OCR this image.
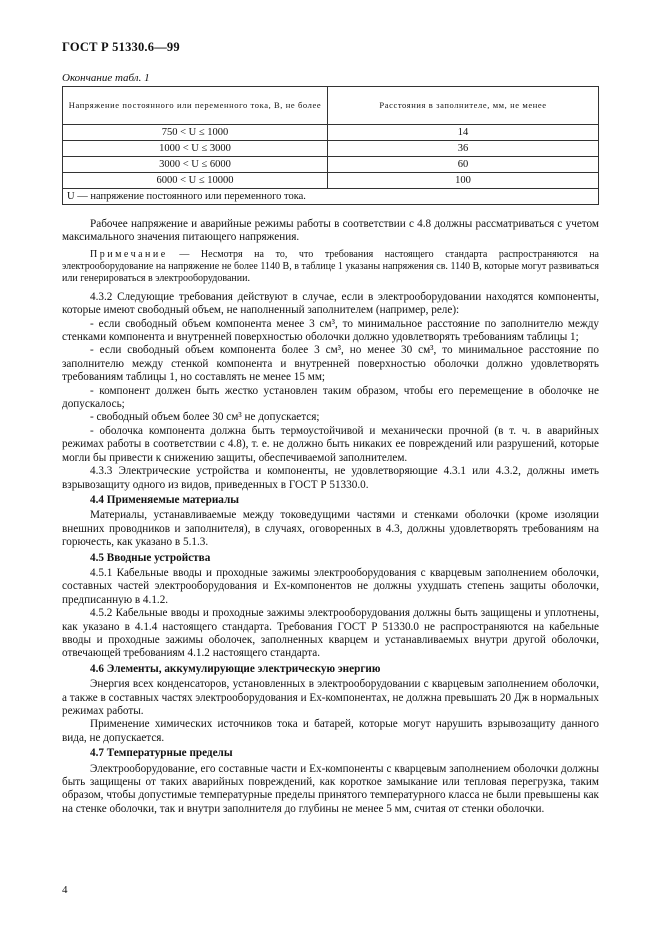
ГОСТ Р 51330.6—99
Окончание табл. 1
Напряжение постоянного или переменного тока, В, не более	Расстояния в заполнителе, мм, не менее
750 < U ≤ 1000	14
1000 < U ≤ 3000	36
3000 < U ≤ 6000	60
6000 < U ≤ 10000	100
U — напряжение постоянного или переменного тока.	

Рабочее напряжение и аварийные режимы работы в соответствии с 4.8 должны рассматриваться с учетом максимального значения питающего напряжения.

Примечание — Несмотря на то, что требования настоящего стандарта распространяются на электрооборудование на напряжение не более 1140 В, в таблице 1 указаны напряжения св. 1140 В, которые могут развиваться или генерироваться в электрооборудовании.

4.3.2 Следующие требования действуют в случае, если в электрооборудовании находятся компоненты, которые имеют свободный объем, не наполненный заполнителем (например, реле):

- если свободный объем компонента менее 3 см³, то минимальное расстояние по заполнителю между стенками компонента и внутренней поверхностью оболочки должно удовлетворять требованиям таблицы 1;

- если свободный объем компонента более 3 см³, но менее 30 см³, то минимальное расстояние по заполнителю между стенкой компонента и внутренней поверхностью оболочки должно удовлетворять требованиям таблицы 1, но составлять не менее 15 мм;

- компонент должен быть жестко установлен таким образом, чтобы его перемещение в оболочке не допускалось;

- свободный объем более 30 см³ не допускается;

- оболочка компонента должна быть термоустойчивой и механически прочной (в т. ч. в аварийных режимах работы в соответствии с 4.8), т. е. не должно быть никаких ее повреждений или разрушений, которые могли бы привести к снижению защиты, обеспечиваемой заполнителем.

4.3.3 Электрические устройства и компоненты, не удовлетворяющие 4.3.1 или 4.3.2, должны иметь взрывозащиту одного из видов, приведенных в ГОСТ Р 51330.0.

4.4 Применяемые материалы

Материалы, устанавливаемые между токоведущими частями и стенками оболочки (кроме изоляции внешних проводников и заполнителя), в случаях, оговоренных в 4.3, должны удовлетворять требованиям на горючесть, как указано в 5.1.3.

4.5 Вводные устройства

4.5.1 Кабельные вводы и проходные зажимы электрооборудования с кварцевым заполнением оболочки, составных частей электрооборудования и Ех-компонентов не должны ухудшать степень защиты оболочки, предписанную в 4.1.2.

4.5.2 Кабельные вводы и проходные зажимы электрооборудования должны быть защищены и уплотнены, как указано в 4.1.4 настоящего стандарта. Требования ГОСТ Р 51330.0 не распространяются на кабельные вводы и проходные зажимы оболочек, заполненных кварцем и устанавливаемых внутри другой оболочки, отвечающей требованиям 4.1.2 настоящего стандарта.

4.6 Элементы, аккумулирующие электрическую энергию

Энергия всех конденсаторов, установленных в электрооборудовании с кварцевым заполнением оболочки, а также в составных частях электрооборудования и Ех-компонентах, не должна превышать 20 Дж в нормальных режимах работы.

Применение химических источников тока и батарей, которые могут нарушить взрывозащиту данного вида, не допускается.

4.7 Температурные пределы

Электрооборудование, его составные части и Ех-компоненты с кварцевым заполнением оболочки должны быть защищены от таких аварийных повреждений, как короткое замыкание или тепловая перегрузка, таким образом, чтобы допустимые температурные пределы принятого температурного класса не были превышены как на стенке оболочки, так и внутри заполнителя до глубины не менее 5 мм, считая от стенки оболочки.

4
